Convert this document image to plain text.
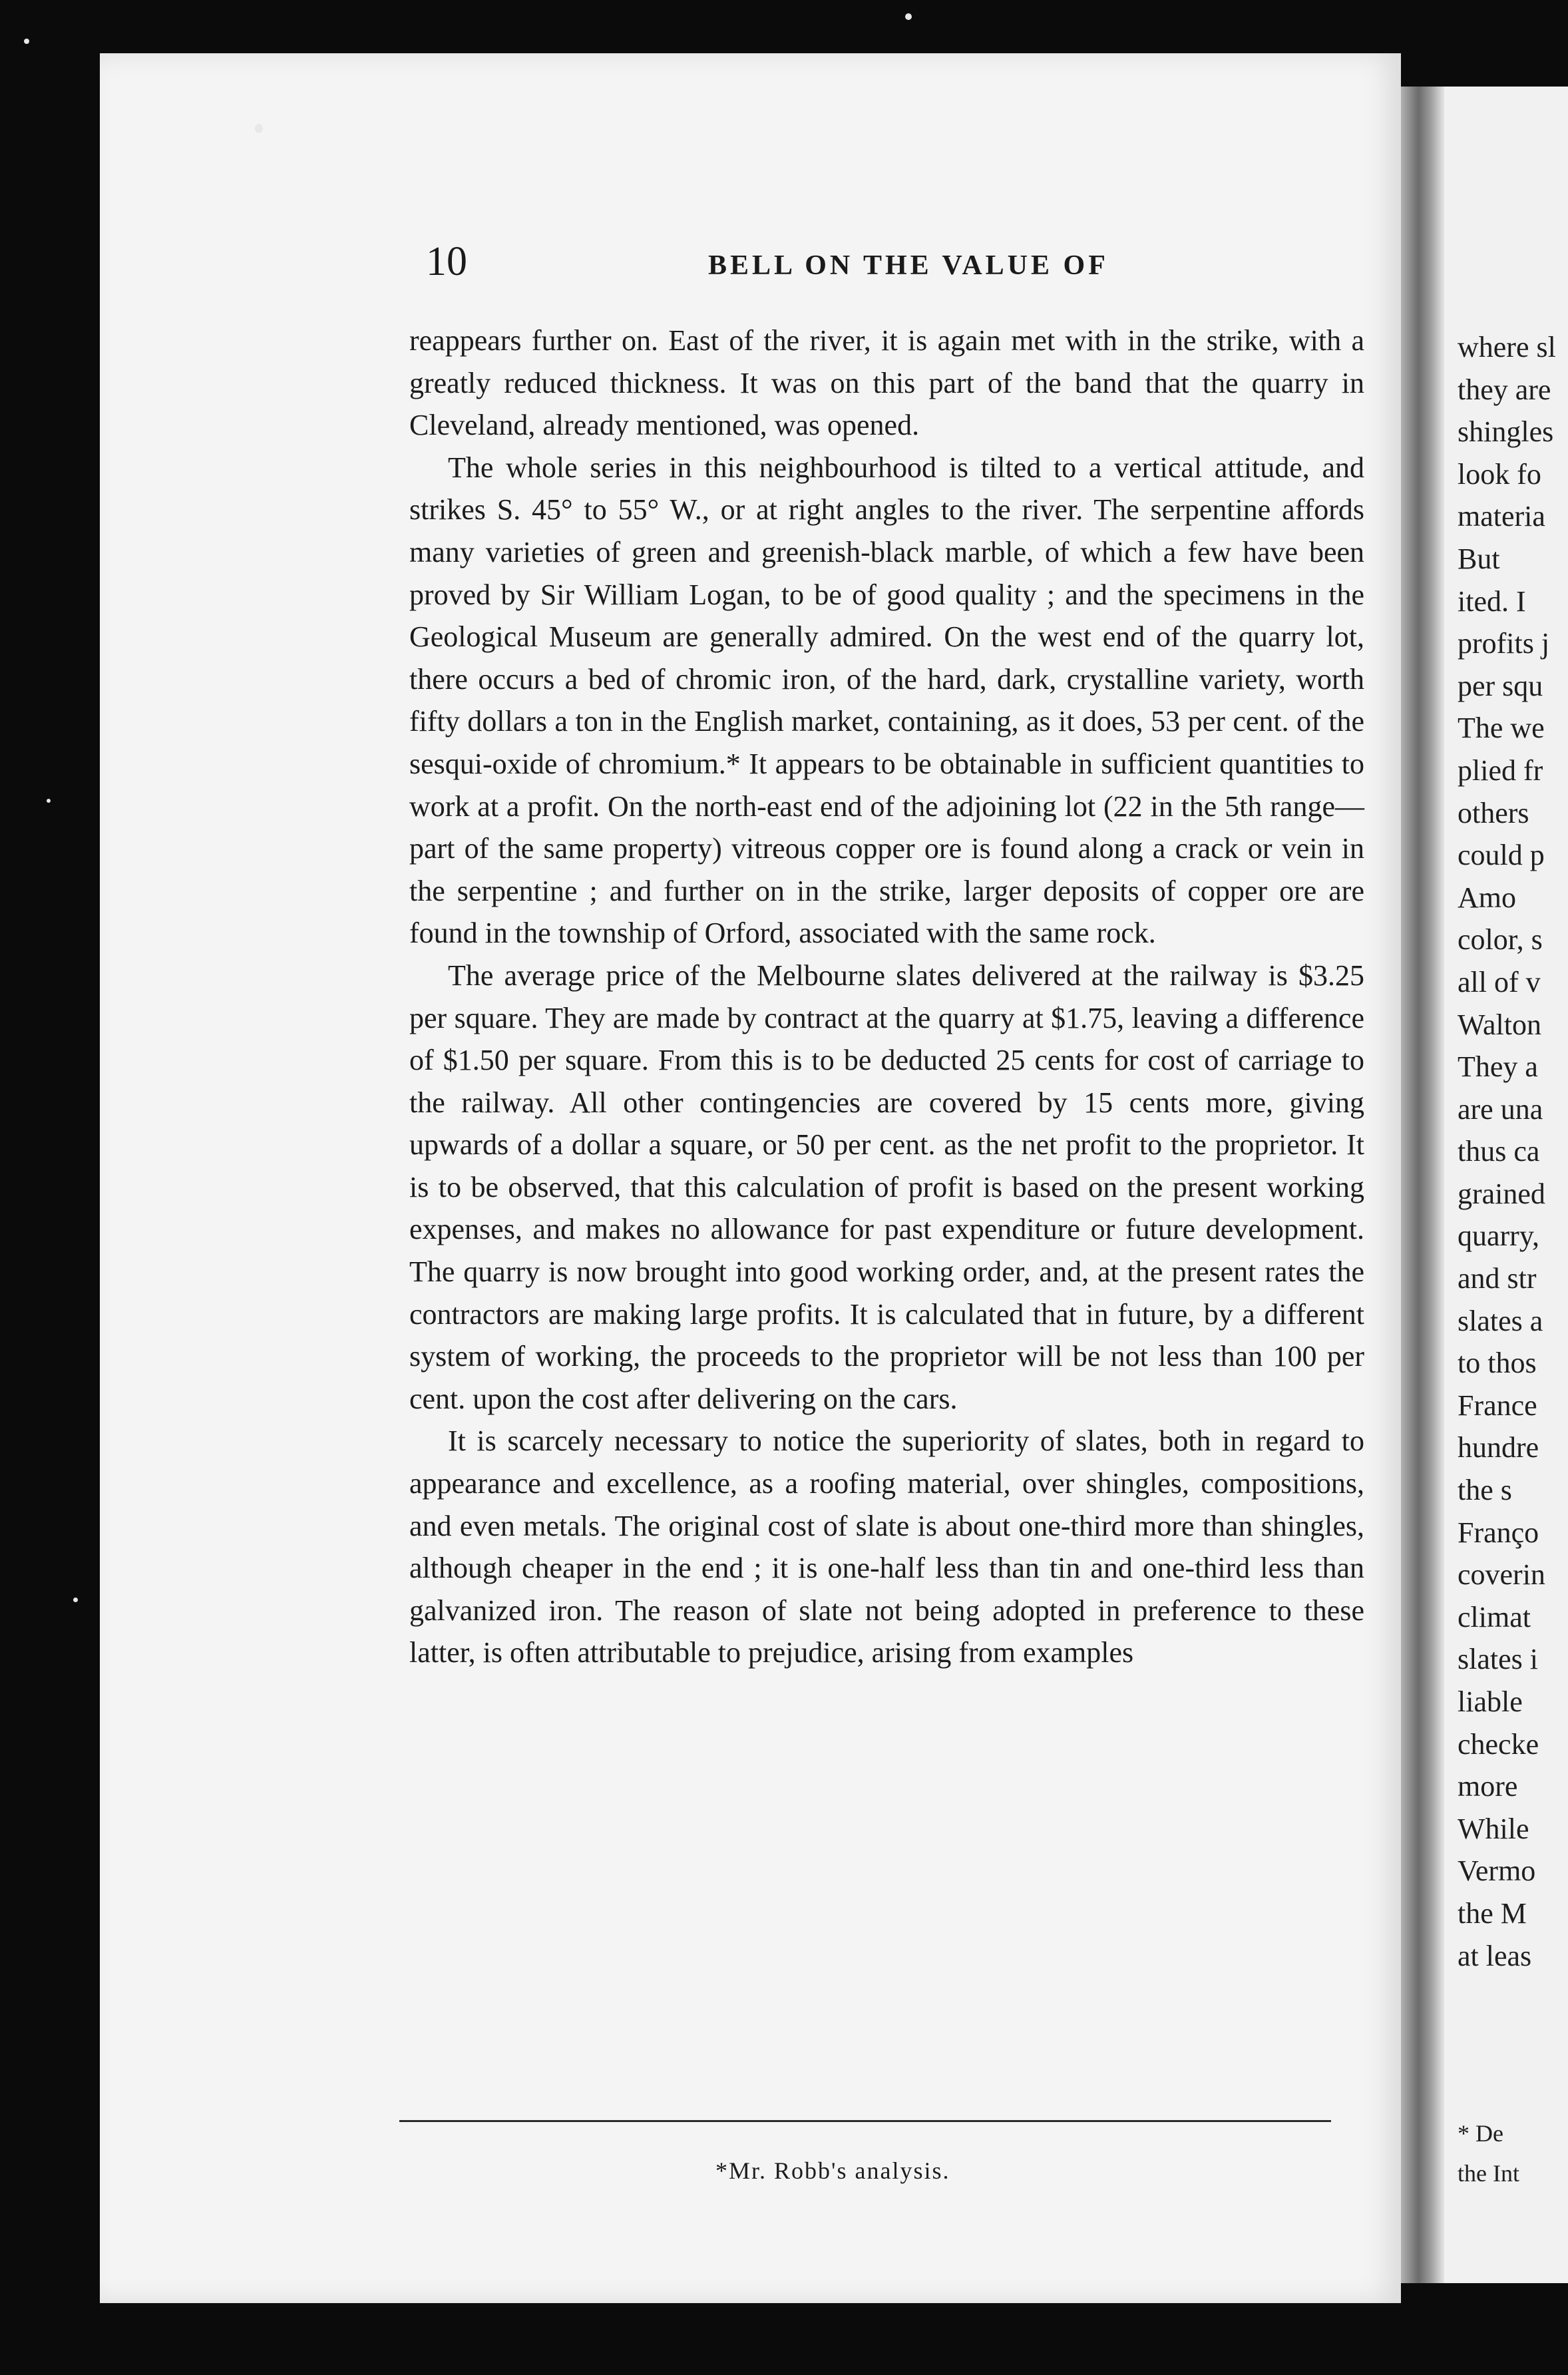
10	BELL ON THE VALUE OF

reappears further on. East of the river, it is again met with in the strike, with a greatly reduced thickness. It was on this part of the band that the quarry in Cleveland, already mentioned, was opened.

The whole series in this neighbourhood is tilted to a vertical attitude, and strikes S. 45° to 55° W., or at right angles to the river. The serpentine affords many varieties of green and greenish-black marble, of which a few have been proved by Sir William Logan, to be of good quality ; and the specimens in the Geological Museum are generally admired. On the west end of the quarry lot, there occurs a bed of chromic iron, of the hard, dark, crystalline variety, worth fifty dollars a ton in the English market, containing, as it does, 53 per cent. of the sesqui-oxide of chromium.* It appears to be obtainable in sufficient quantities to work at a profit. On the north-east end of the adjoining lot (22 in the 5th range—part of the same property) vitreous copper ore is found along a crack or vein in the serpentine ; and further on in the strike, larger deposits of copper ore are found in the township of Orford, associated with the same rock.

The average price of the Melbourne slates delivered at the railway is $3.25 per square. They are made by contract at the quarry at $1.75, leaving a difference of $1.50 per square. From this is to be deducted 25 cents for cost of carriage to the railway. All other contingencies are covered by 15 cents more, giving upwards of a dollar a square, or 50 per cent. as the net profit to the proprietor. It is to be observed, that this calculation of profit is based on the present working expenses, and makes no allowance for past expenditure or future development. The quarry is now brought into good working order, and, at the present rates the contractors are making large profits. It is calculated that in future, by a different system of working, the proceeds to the proprietor will be not less than 100 per cent. upon the cost after delivering on the cars.

It is scarcely necessary to notice the superiority of slates, both in regard to appearance and excellence, as a roofing material, over shingles, compositions, and even metals. The original cost of slate is about one-third more than shingles, although cheaper in the end ; it is one-half less than tin and one-third less than galvanized iron. The reason of slate not being adopted in preference to these latter, is often attributable to prejudice, arising from examples

*Mr. Robb's analysis.
where sl
they are
shingles
look fo
materia
But
ited. I
profits j
per squ
The we
plied fr
others
could p
Amo
color, s
all of v
Walton
They a
are una
thus ca
grained
quarry,
and str
slates a
to thos
France
hundre
the s
Franço
coverin
climat
slates i
liable
checke
more
While
Vermo
the M
at leas
* De
the Int
